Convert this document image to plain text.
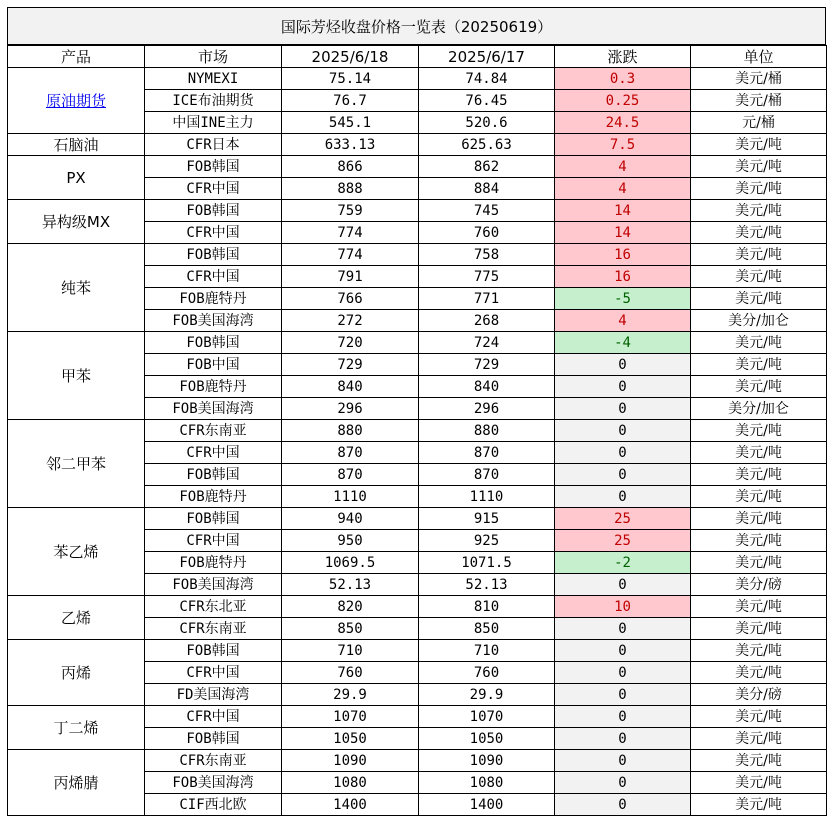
国际芳烃收盘价格一览表（20250619）
产品	市场	2025/6/18	2025/6/17	涨跌	单位
原油期货	NYMEXI	75.14	74.84	0.3	美元/桶
	ICE布油期货	76.7	76.45	0.25	美元/桶
	中国INE主力	545.1	520.6	24.5	元/桶
石脑油	CFR日本	633.13	625.63	7.5	美元/吨
PX	FOB韩国	866	862	4	美元/吨
	CFR中国	888	884	4	美元/吨
异构级MX	FOB韩国	759	745	14	美元/吨
	CFR中国	774	760	14	美元/吨
纯苯	FOB韩国	774	758	16	美元/吨
	CFR中国	791	775	16	美元/吨
	FOB鹿特丹	766	771	-5	美元/吨
	FOB美国海湾	272	268	4	美分/加仑
甲苯	FOB韩国	720	724	-4	美元/吨
	FOB中国	729	729	0	美元/吨
	FOB鹿特丹	840	840	0	美元/吨
	FOB美国海湾	296	296	0	美分/加仑
邻二甲苯	CFR东南亚	880	880	0	美元/吨
	CFR中国	870	870	0	美元/吨
	FOB韩国	870	870	0	美元/吨
	FOB鹿特丹	1110	1110	0	美元/吨
苯乙烯	FOB韩国	940	915	25	美元/吨
	CFR中国	950	925	25	美元/吨
	FOB鹿特丹	1069.5	1071.5	-2	美元/吨
	FOB美国海湾	52.13	52.13	0	美分/磅
乙烯	CFR东北亚	820	810	10	美元/吨
	CFR东南亚	850	850	0	美元/吨
丙烯	FOB韩国	710	710	0	美元/吨
	CFR中国	760	760	0	美元/吨
	FD美国海湾	29.9	29.9	0	美分/磅
丁二烯	CFR中国	1070	1070	0	美元/吨
	FOB韩国	1050	1050	0	美元/吨
丙烯腈	CFR东南亚	1090	1090	0	美元/吨
	FOB美国海湾	1080	1080	0	美元/吨
	CIF西北欧	1400	1400	0	美元/吨
